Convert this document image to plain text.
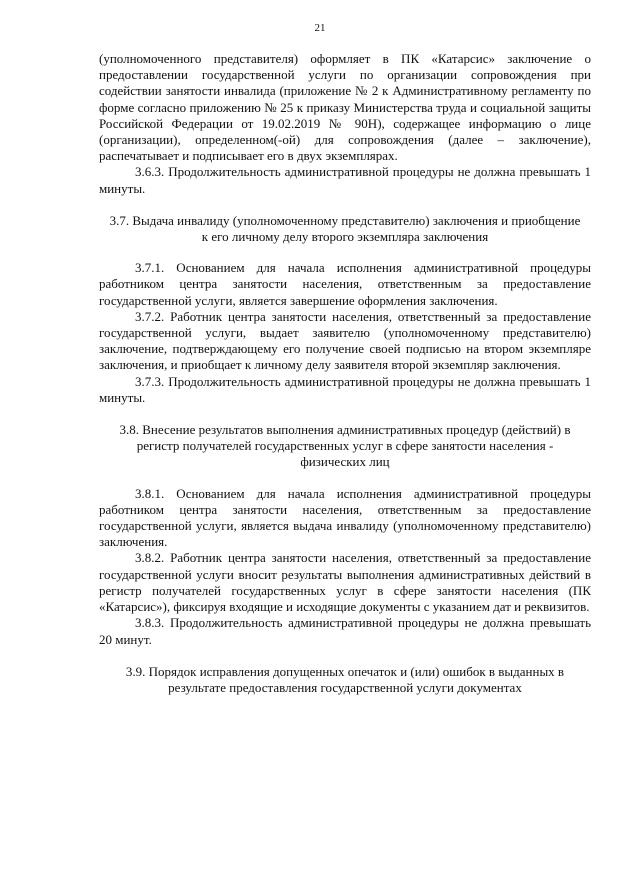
21

(уполномоченного представителя) оформляет в ПК «Катарсис» заключение о предоставлении государственной услуги по организации сопровождения при содействии занятости инвалида (приложение № 2 к Административному регламенту по форме согласно приложению № 25 к приказу Министерства труда и социальной защиты Российской Федерации от 19.02.2019 № 90Н), содержащее информацию о лице (организации), определенном(-ой) для сопровождения (далее – заключение), распечатывает и подписывает его в двух экземплярах.

3.6.3. Продолжительность административной процедуры не должна превышать 1 минуты.

3.7. Выдача инвалиду (уполномоченному представителю) заключения и приобщение к его личному делу второго экземпляра заключения

3.7.1. Основанием для начала исполнения административной процедуры работником центра занятости населения, ответственным за предоставление государственной услуги, является завершение оформления заключения.

3.7.2. Работник центра занятости населения, ответственный за предоставление государственной услуги, выдает заявителю (уполномоченному представителю) заключение, подтверждающему его получение своей подписью на втором экземпляре заключения, и приобщает к личному делу заявителя второй экземпляр заключения.

3.7.3. Продолжительность административной процедуры не должна превышать 1 минуты.

3.8. Внесение результатов выполнения административных процедур (действий) в регистр получателей государственных услуг в сфере занятости населения - физических лиц

3.8.1. Основанием для начала исполнения административной процедуры работником центра занятости населения, ответственным за предоставление государственной услуги, является выдача инвалиду (уполномоченному представителю) заключения.

3.8.2. Работник центра занятости населения, ответственный за предоставление государственной услуги вносит результаты выполнения административных действий в регистр получателей государственных услуг в сфере занятости населения (ПК «Катарсис»), фиксируя входящие и исходящие документы с указанием дат и реквизитов.

3.8.3. Продолжительность административной процедуры не должна превышать 20 минут.

3.9. Порядок исправления допущенных опечаток и (или) ошибок в выданных в результате предоставления государственной услуги документах
